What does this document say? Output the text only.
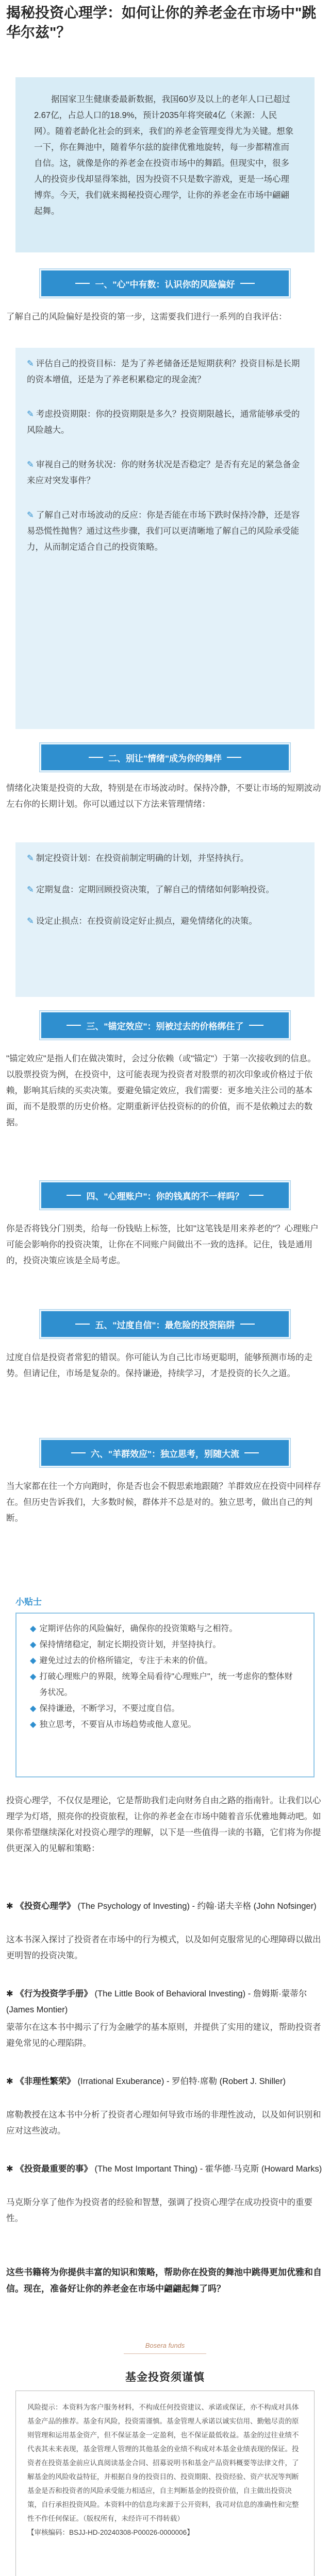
揭秘投资心理学：如何让你的养老金在市场中"跳华尔兹"？
据国家卫生健康委最新数据，我国60岁及以上的老年人口已超过2.67亿，占总人口的18.9%，预计2035年将突破4亿（来源：人民网）。随着老龄化社会的到来，我们的养老金管理变得尤为关键。想象一下，你在舞池中，随着华尔兹的旋律优雅地旋转，每一步都精准而自信。这，就像是你的养老金在投资市场中的舞蹈。但现实中，很多人的投资步伐却显得笨拙，因为投资不只是数字游戏，更是一场心理博弈。今天，我们就来揭秘投资心理学，让你的养老金在市场中翩翩起舞。
一、"心"中有数：认识你的风险偏好
了解自己的风险偏好是投资的第一步，这需要我们进行一系列的自我评估：
✎ 评估自己的投资目标：是为了养老储备还是短期获利？投资目标是长期的资本增值，还是为了养老积累稳定的现金流？
✎ 考虑投资期限：你的投资期限是多久？投资期限越长，通常能够承受的风险越大。
✎ 审视自己的财务状况：你的财务状况是否稳定？是否有充足的紧急备金来应对突发事件？
✎ 了解自己对市场波动的反应：你是否能在市场下跌时保持冷静，还是容易恐慌性抛售？通过这些步骤，我们可以更清晰地了解自己的风险承受能力，从而制定适合自己的投资策略。
二、别让"情绪"成为你的舞伴
情绪化决策是投资的大敌，特别是在市场波动时。保持冷静，不要让市场的短期波动左右你的长期计划。你可以通过以下方法来管理情绪：
✎ 制定投资计划：在投资前制定明确的计划，并坚持执行。
✎ 定期复盘：定期回顾投资决策，了解自己的情绪如何影响投资。
✎ 设定止损点：在投资前设定好止损点，避免情绪化的决策。
三、"锚定效应"：别被过去的价格绑住了
"锚定效应"是指人们在做决策时，会过分依赖（或"锚定"）于第一次接收到的信息。以股票投资为例，在投资中，这可能表现为投资者对股票的初次印象或价格过于依赖，影响其后续的买卖决策。要避免锚定效应，我们需要：更多地关注公司的基本面，而不是股票的历史价格。定期重新评估投资标的的价值，而不是依赖过去的数据。
四、"心理账户"：你的钱真的不一样吗？
你是否将钱分门别类，给每一份钱贴上标签，比如"这笔钱是用来养老的"？心理账户可能会影响你的投资决策，让你在不同账户间做出不一致的选择。记住，钱是通用的，投资决策应该是全局考虑。
五、"过度自信"：最危险的投资陷阱
过度自信是投资者常犯的错误。你可能认为自己比市场更聪明，能够预测市场的走势。但请记住，市场是复杂的。保持谦逊，持续学习，才是投资的长久之道。
六、"羊群效应"：独立思考，别随大流
当大家都在往一个方向跑时，你是否也会不假思索地跟随？羊群效应在投资中同样存在。但历史告诉我们，大多数时候，群体并不总是对的。独立思考，做出自己的判断。
小贴士
◆ 定期评估你的风险偏好，确保你的投资策略与之相符。
◆ 保持情绪稳定，制定长期投资计划，并坚持执行。
◆ 避免过过去的价格所锚定，专注于未来的价值。
◆ 打破心理账户的界限，统筹全局看待"心理账户"，统一考虑你的整体财务状况。
◆ 保持谦逊，不断学习，不要过度自信。
◆ 独立思考，不要盲从市场趋势或他人意见。
投资心理学，不仅仅是理论，它是帮助我们走向财务自由之路的指南针。让我们以心理学为灯塔，照亮你的投资旅程，让你的养老金在市场中随着音乐优雅地舞动吧。如果你希望继续深化对投资心理学的理解，以下是一些值得一读的书籍，它们将为你提供更深入的见解和策略：
✱ 《投资心理学》 (The Psychology of Investing) - 约翰·诺夫辛格 (John Nofsinger)
这本书深入探讨了投资者在市场中的行为模式，以及如何克服常见的心理障碍以做出更明智的投资决策。
✱ 《行为投资学手册》 (The Little Book of Behavioral Investing) - 詹姆斯·蒙蒂尔 (James Montier)
蒙蒂尔在这本书中揭示了行为金融学的基本原则，并提供了实用的建议，帮助投资者避免常见的心理陷阱。
✱ 《非理性繁荣》 (Irrational Exuberance) - 罗伯特·席勒 (Robert J. Shiller)
席勒教授在这本书中分析了投资者心理如何导致市场的非理性波动，以及如何识别和应对这些波动。
✱ 《投资最重要的事》 (The Most Important Thing) - 霍华德·马克斯 (Howard Marks)
马克斯分享了他作为投资者的经验和智慧，强调了投资心理学在成功投资中的重要性。
这些书籍将为你提供丰富的知识和策略，帮助你在投资的舞池中跳得更加优雅和自信。现在，准备好让你的养老金在市场中翩翩起舞了吗？
Bosera funds
基金投资须谨慎
风险提示：本资料为客户服务材料，不构成任何投资建议、承诺或保证，亦不构成对具体基金产品的推荐。基金有风险，投资需谨慎。基金管理人承诺以诚实信用、勤勉尽责的原则管理和运用基金资产，但不保证基金一定盈利，也不保证最低收益。基金的过往业绩不代表其未来表现，基金管理人管理的其他基金的业绩不构成对本基金业绩表现的保证。投资者在投资基金前应认真阅读基金合同、招募说明书和基金产品资料概要等法律文件，了解基金的风险收益特征，并根据自身的投资目的、投资期限、投资经验、资产状况等判断基金是否和投资者的风险承受能力相适应，自主判断基金的投资价值，自主做出投资决策，自行承担投资风险。本资料中的信息均来源于公开资料，我司对信息的准确性和完整性不作任何保证。（版权所有，未经许可不得转载）
【审核编码：BSJJ-HD-20240308-P00026-0000006】
